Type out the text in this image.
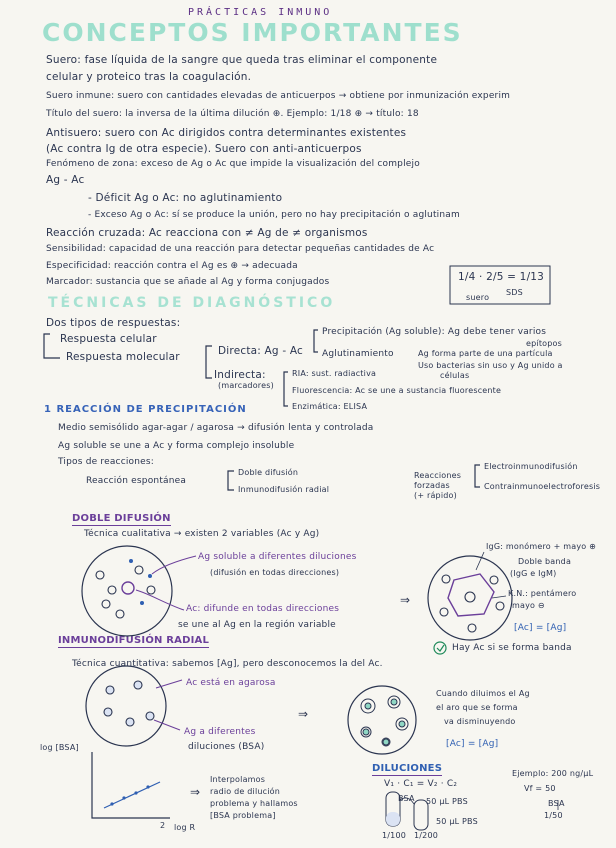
PRÁCTICAS INMUNO
CONCEPTOS IMPORTANTES
Suero: fase líquida de la sangre que queda tras eliminar el componente
celular y proteico tras la coagulación.
Suero inmune: suero con cantidades elevadas de anticuerpos → obtiene por inmunización experim
Título del suero: la inversa de la última dilución ⊕. Ejemplo: 1/18 ⊕ → título: 18
Antisuero: suero con Ac dirigidos contra determinantes existentes
(Ac contra Ig de otra especie). Suero con anti-anticuerpos
Fenómeno de zona: exceso de Ag o Ac que impide la visualización del complejo
Ag - Ac
- Déficit Ag o Ac: no aglutinamiento
- Exceso Ag o Ac: sí se produce la unión, pero no hay precipitación o aglutinam
Reacción cruzada: Ac reacciona con ≠ Ag de ≠ organismos
Sensibilidad: capacidad de una reacción para detectar pequeñas cantidades de Ac
Especificidad: reacción contra el Ag es ⊕ → adecuada
Marcador: sustancia que se añade al Ag y forma conjugados	1/4 · 2/5 = 1/13
suero
SDS
TÉCNICAS DE DIAGNÓSTICO
Dos tipos de respuestas:
Respuesta celular
Respuesta molecular	Directa: Ag - Ac
Precipitación (Ag soluble): Ag debe tener varios
epítopos
Aglutinamiento	Ag forma parte de una partícula
Uso bacterias sin uso y Ag unido a
células
Indirecta:
(marcadores)
RIA: sust. radiactiva
Fluorescencia: Ac se une a sustancia fluorescente
Enzimática: ELISA
1 REACCIÓN DE PRECIPITACIÓN
Medio semisólido agar-agar / agarosa → difusión lenta y controlada
Ag soluble se une a Ac y forma complejo insoluble
Tipos de reacciones:
Reacción espontánea
Doble difusión
Inmunodifusión radial
Reacciones
forzadas
(+ rápido)
Electroinmunodifusión
Contrainmunoelectroforesis
DOBLE DIFUSIÓN
Técnica cualitativa → existen 2 variables (Ac y Ag)
Ag soluble a diferentes diluciones
(difusión en todas direcciones)
Ac: difunde en todas direcciones
se une al Ag en la región variable
IgG: monómero + mayo ⊕
Doble banda
(IgG e IgM)
K.N.: pentámero
mayo ⊖
[Ac] = [Ag]
Hay Ac si se forma banda
INMUNODIFUSIÓN RADIAL
Técnica cuantitativa: sabemos [Ag], pero desconocemos la del Ac.
Ac está en agarosa
Ag a diferentes
diluciones (BSA)
Cuando diluimos el Ag
el aro que se forma
va disminuyendo
[Ac] = [Ag]
Interpolamos
radio de dilución
problema y hallamos
[BSA problema]
log [BSA]
2 log R
DILUCIONES
V₁ · C₁ = V₂ · C₂
50 µL PBS
50 µL PBS
BSA
1/100 1/200
Ejemplo: 200 ng/µL
Vf = 50
BSA
1/50
⇒
⇒
⇒
